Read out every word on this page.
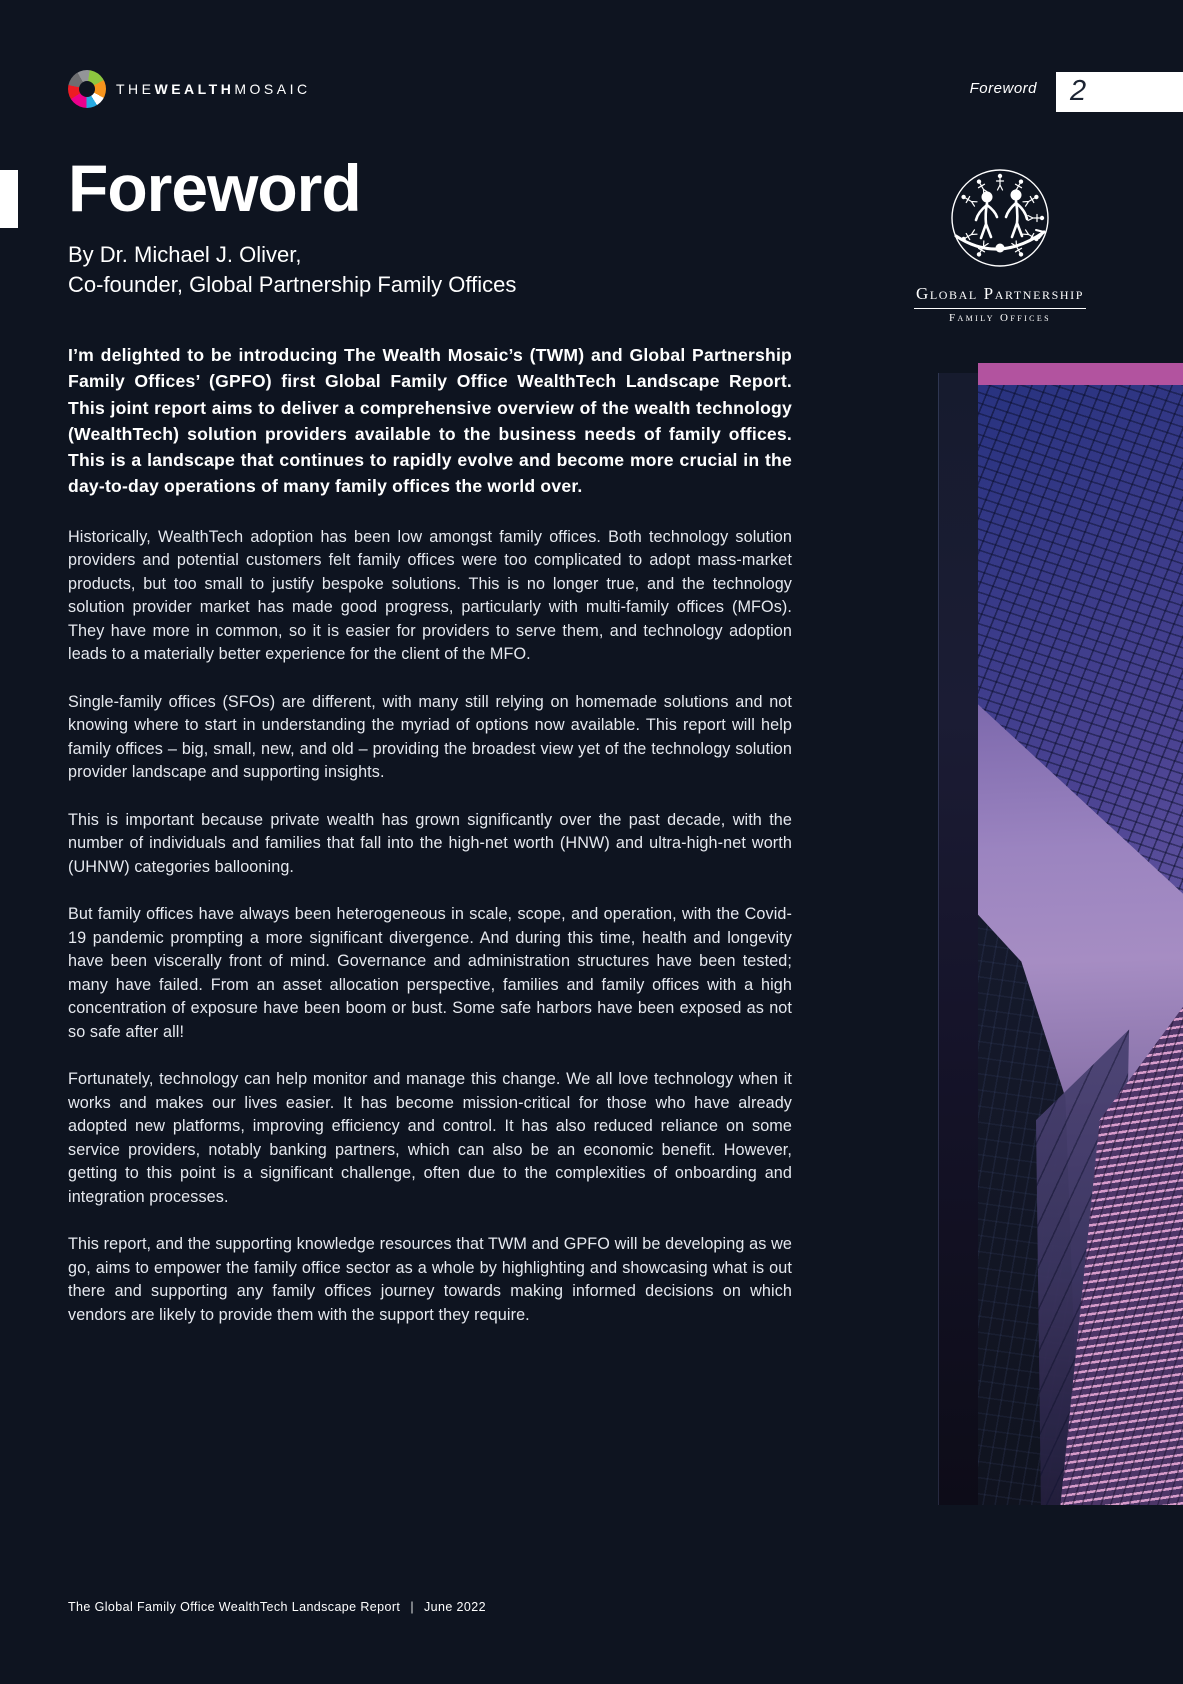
THEWEALTHMOSAIC	Foreword	2
Foreword
By Dr. Michael J. Oliver,
Co-founder, Global Partnership Family Offices

I’m delighted to be introducing The Wealth Mosaic’s (TWM) and Global Partnership Family Offices’ (GPFO) first Global Family Office WealthTech Landscape Report. This joint report aims to deliver a comprehensive overview of the wealth technology (WealthTech) solution providers available to the business needs of family offices. This is a landscape that continues to rapidly evolve and become more crucial in the day-to-day operations of many family offices the world over.

Historically, WealthTech adoption has been low amongst family offices. Both technology solution providers and potential customers felt family offices were too complicated to adopt mass-market products, but too small to justify bespoke solutions. This is no longer true, and the technology solution provider market has made good progress, particularly with multi-family offices (MFOs). They have more in common, so it is easier for providers to serve them, and technology adoption leads to a materially better experience for the client of the MFO.

Single-family offices (SFOs) are different, with many still relying on homemade solutions and not knowing where to start in understanding the myriad of options now available. This report will help family offices – big, small, new, and old – providing the broadest view yet of the technology solution provider landscape and supporting insights.

This is important because private wealth has grown significantly over the past decade, with the number of individuals and families that fall into the high-net worth (HNW) and ultra-high-net worth (UHNW) categories ballooning.

But family offices have always been heterogeneous in scale, scope, and operation, with the Covid-19 pandemic prompting a more significant divergence. And during this time, health and longevity have been viscerally front of mind. Governance and administration structures have been tested; many have failed. From an asset allocation perspective, families and family offices with a high concentration of exposure have been boom or bust. Some safe harbors have been exposed as not so safe after all!

Fortunately, technology can help monitor and manage this change. We all love technology when it works and makes our lives easier. It has become mission-critical for those who have already adopted new platforms, improving efficiency and control. It has also reduced reliance on some service providers, notably banking partners, which can also be an economic benefit. However, getting to this point is a significant challenge, often due to the complexities of onboarding and integration processes.

This report, and the supporting knowledge resources that TWM and GPFO will be developing as we go, aims to empower the family office sector as a whole by highlighting and showcasing what is out there and supporting any family offices journey towards making informed decisions on which vendors are likely to provide them with the support they require.

Global Partnership
Family Offices
The Global Family Office WealthTech Landscape Report | June 2022
